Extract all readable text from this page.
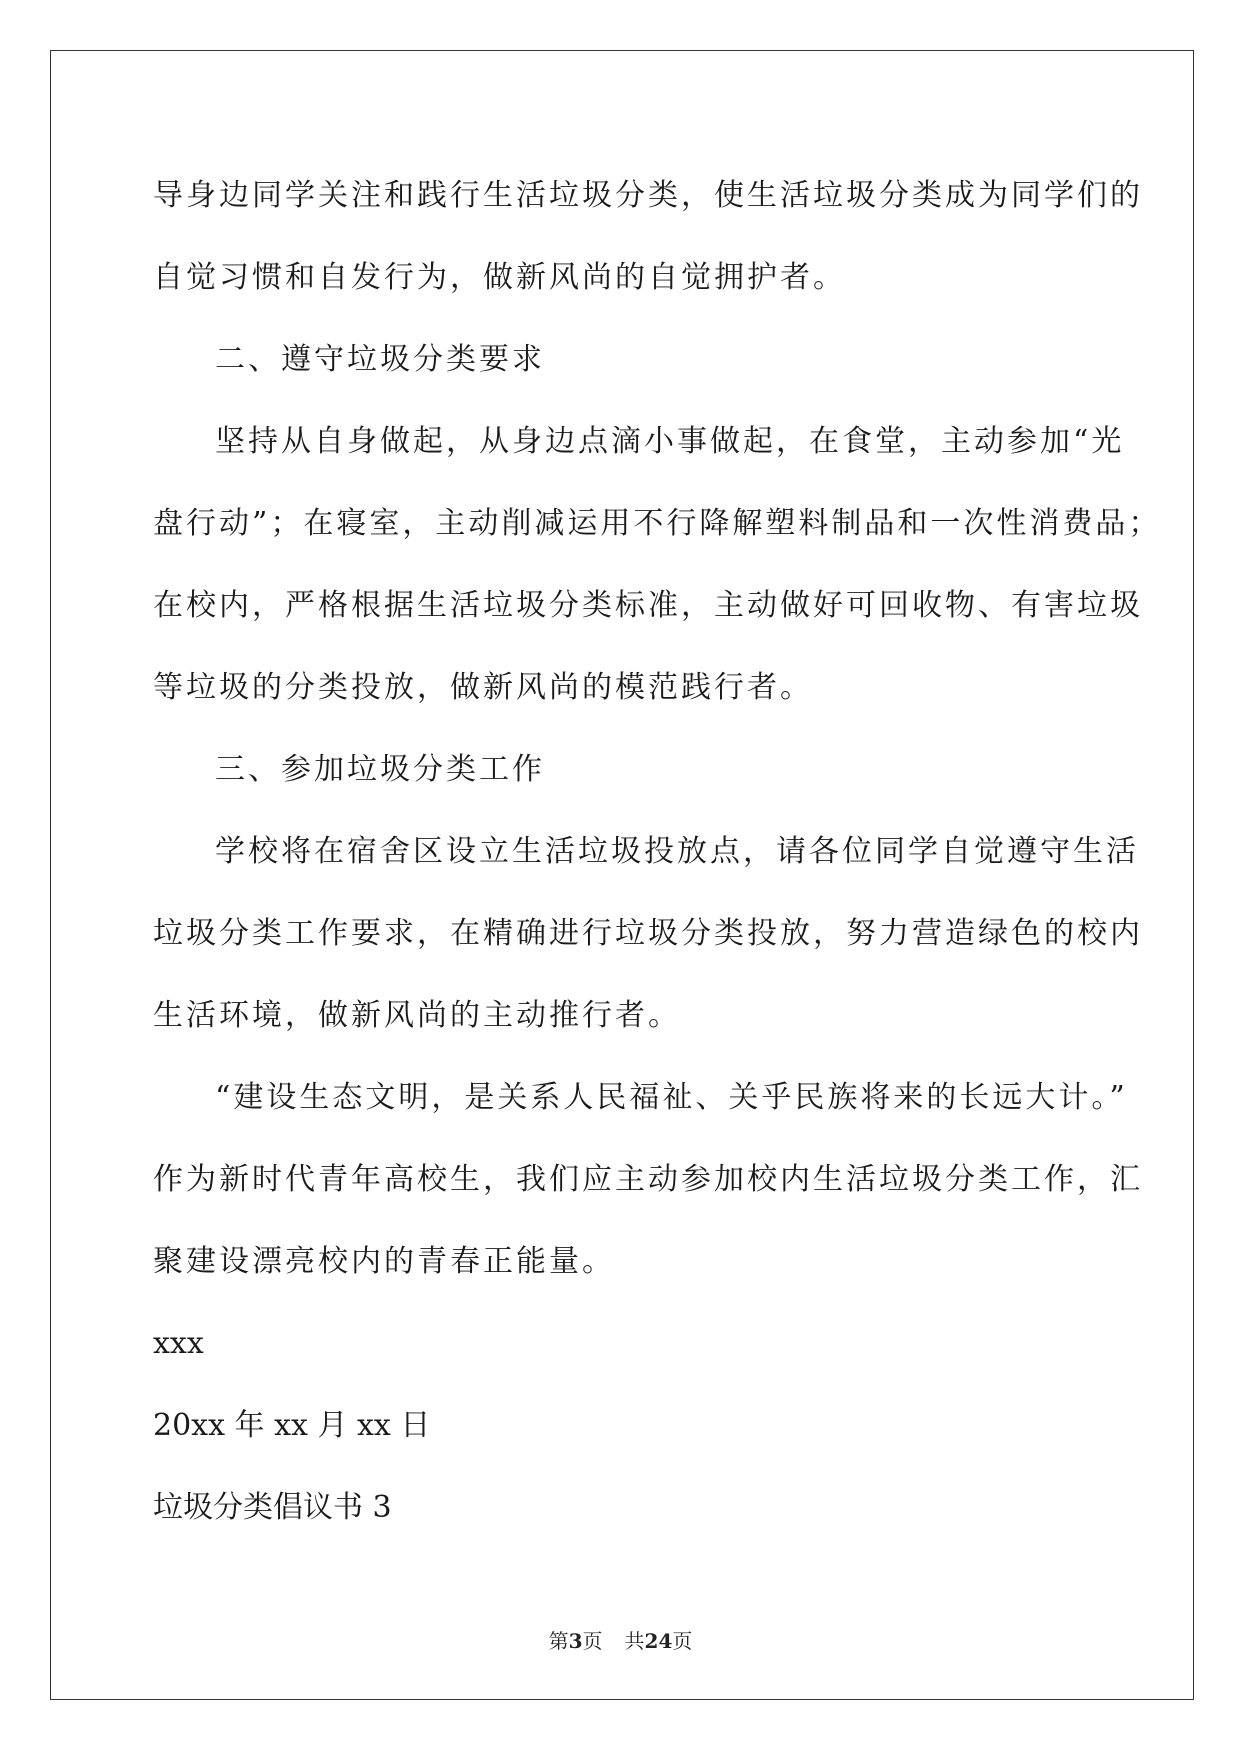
导身边同学关注和践行生活垃圾分类，使生活垃圾分类成为同学们的
自觉习惯和自发行为，做新风尚的自觉拥护者。
二、遵守垃圾分类要求
坚持从自身做起，从身边点滴小事做起，在食堂，主动参加“光
盘行动”；在寝室，主动削减运用不行降解塑料制品和一次性消费品；
在校内，严格根据生活垃圾分类标准，主动做好可回收物、有害垃圾
等垃圾的分类投放，做新风尚的模范践行者。
三、参加垃圾分类工作
学校将在宿舍区设立生活垃圾投放点，请各位同学自觉遵守生活
垃圾分类工作要求，在精确进行垃圾分类投放，努力营造绿色的校内
生活环境，做新风尚的主动推行者。
“建设生态文明，是关系人民福祉、关乎民族将来的长远大计。”
作为新时代青年高校生，我们应主动参加校内生活垃圾分类工作，汇
聚建设漂亮校内的青春正能量。
xxx
20xx 年 xx 月 xx 日
垃圾分类倡议书 3
第3页 共24页
